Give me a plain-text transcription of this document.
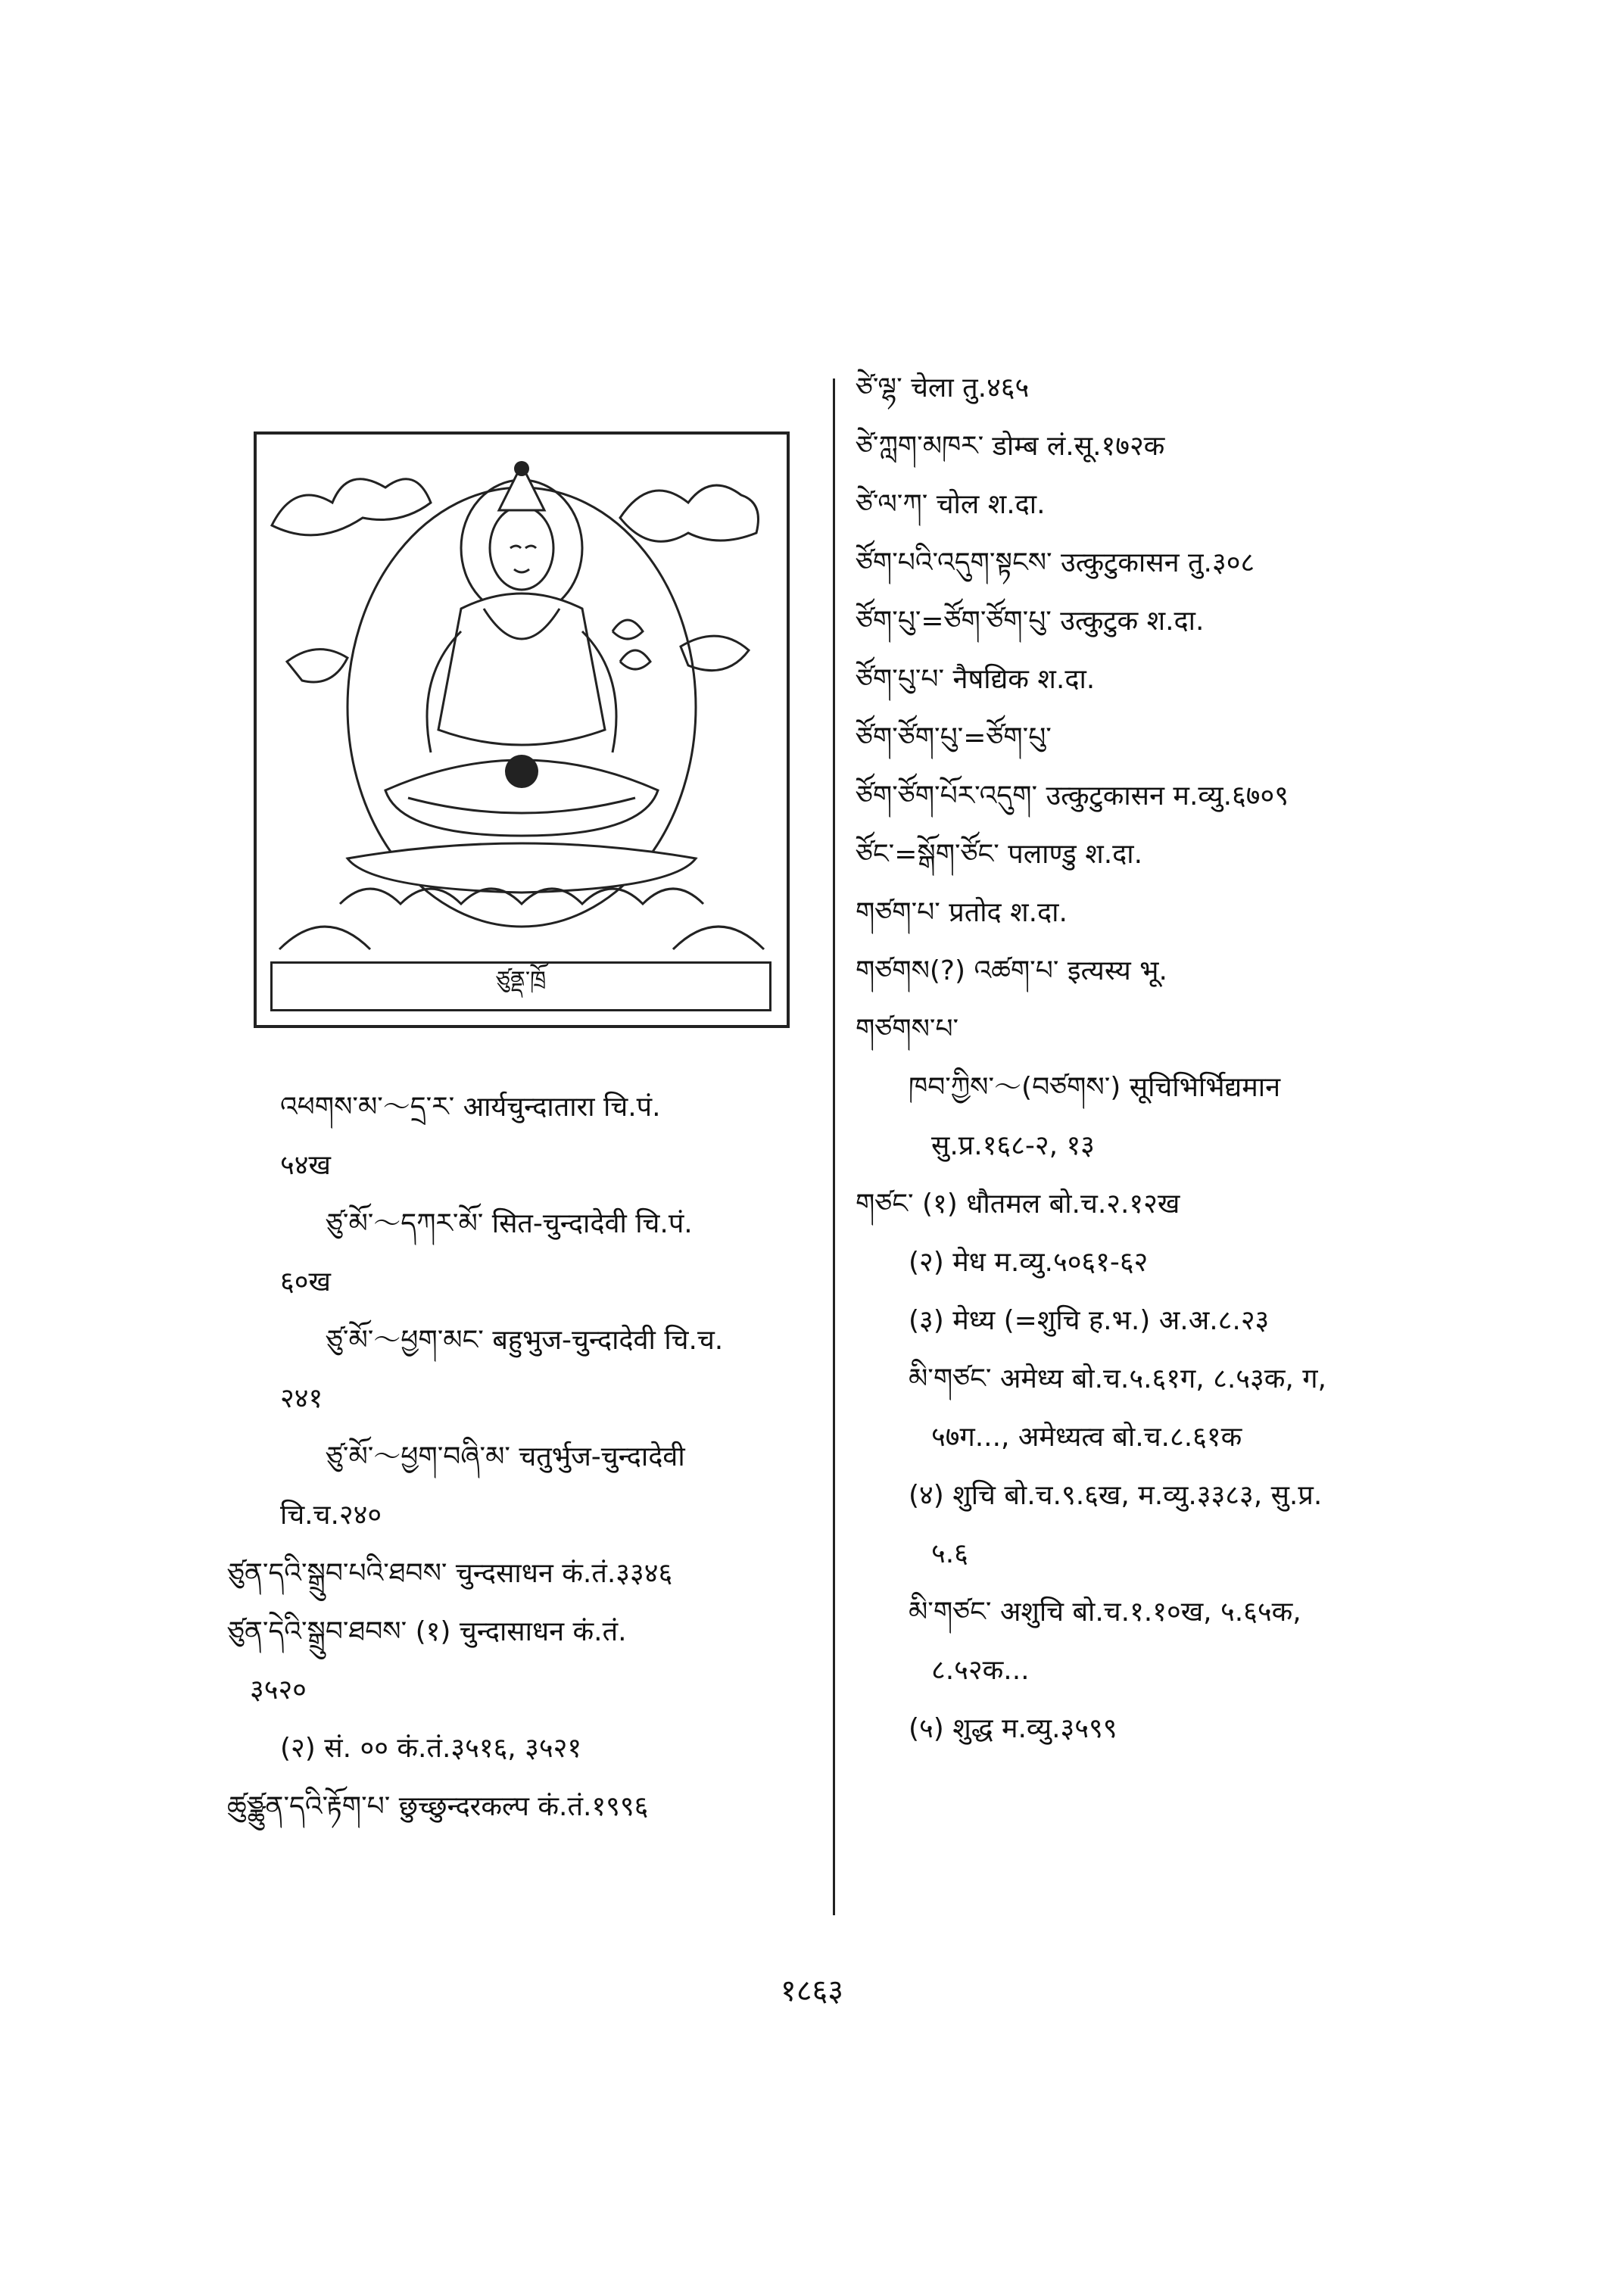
ཙུནྡ་ཁྲོ
འཕགས་མ་～དྲ་ར་ आर्यचुन्दातारा चि.पं.
५४ख
ཙུ་མོ་～དཀར་མོ་ सित-चुन्दादेवी चि.पं.
६०ख
ཙུ་མོ་～ཕྱག་མང་ बहुभुज-चुन्दादेवी चि.च.
२४१
ཙུ་མོ་～ཕྱག་བཞི་མ་ चतुर्भुज-चुन्दादेवी
चि.च.२४०
ཙུན་དའི་སྒྲུབ་པའི་ཐབས་ चुन्दसाधन कं.तं.३३४६
ཙུན་དེའི་སྒྲུབ་ཐབས་ (१) चुन्दासाधन कं.तं.
३५२०
(२) सं. ०० कं.तं.३५१६, ३५२१
ཚུཙྪུན་དའི་རྟོག་པ་ छुच्छुन्दरकल्प कं.तं.१९९६
ཙེ་ལྷ་ चेला तु.४६५
ཙེ་ཀླག་མཁར་ डोम्ब लं.सू.१७२क
ཙེ་ལ་ཀ་ चोल श.दा.
ཙོག་པའི་འདུག་སྟངས་ उत्कुटुकासन तु.३०८
ཙོག་པུ་=ཙོག་ཙོག་པུ་ उत्कुटुक श.दा.
ཙོག་པུ་པ་ नैषद्यिक श.दा.
ཙོག་ཙོག་པུ་=ཙོག་པུ་
ཙོག་ཙོག་པོར་འདུག་ उत्कुटुकासन म.व्यु.६७०९
ཙོང་=སྒོག་ཙོང་ पलाण्डु श.दा.
གཙག་པ་ प्रतोद श.दा.
གཙགས(?) འཚག་པ་ इत्यस्य भू.
གཙགས་པ་
ཁབ་ཀྱིས་～(བཙགས་) सूचिभिर्भिद्यमान
सु.प्र.१६८-२, १३
གཙང་ (१) धौतमल बो.च.२.१२ख
(२) मेध म.व्यु.५०६१-६२
(३) मेध्य (=शुचि ह.भ.) अ.अ.८.२३
མི་གཙང་ अमेध्य बो.च.५.६१ग, ८.५३क, ग,
५७ग..., अमेध्यत्व बो.च.८.६१क
(४) शुचि बो.च.९.६ख, म.व्यु.३३८३, सु.प्र.
५.६
མི་གཙང་ अशुचि बो.च.१.१०ख, ५.६५क,
८.५२क...
(५) शुद्ध म.व्यु.३५९९
१८६३
